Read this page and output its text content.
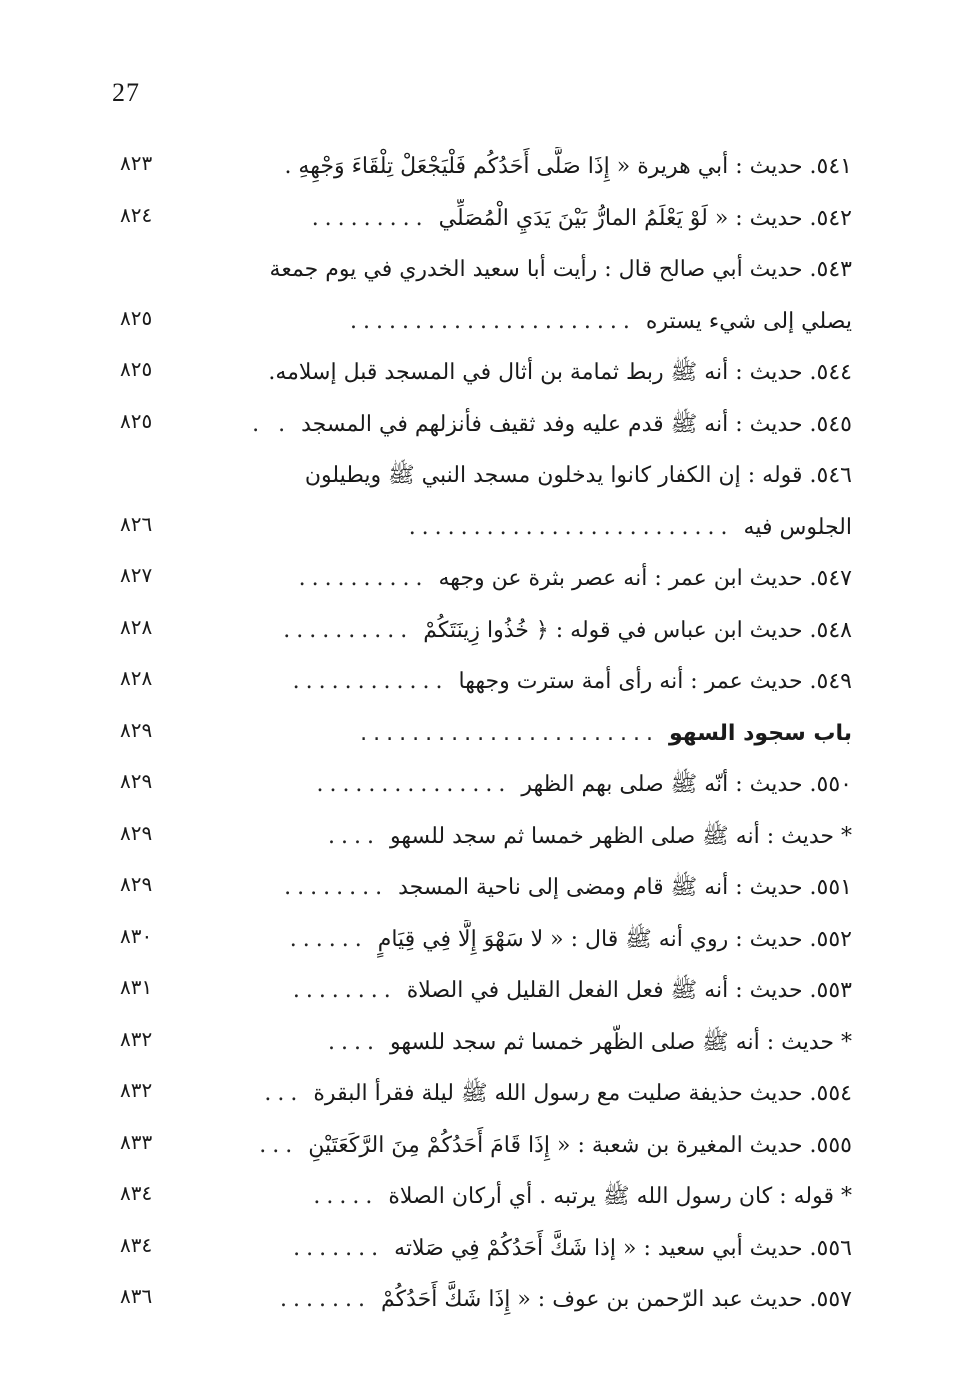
27
٨٢٣	٥٤١. حديث : أبي هريرة « إِذَا صَلَّى أَحَدُكُم فَلْيَجْعَلْ تِلْقَاءَ وَجْهِهِ .
٨٢٤	٥٤٢. حديث : « لَوْ يَعْلَمُ المارُّ بَيْنَ يَدَيِ الْمُصَلِّي.........
٥٤٣. حديث أبي صالح قال : رأيت أبا سعيد الخدري في يوم جمعة
٨٢٥	يصلي إلى شيء يستره......................
٨٢٥	٥٤٤. حديث : أنه ﷺ ربط ثمامة بن أثال في المسجد قبل إسلامه.
٨٢٥	٥٤٥. حديث : أنه ﷺ قدم عليه وفد ثقيف فأنزلهم في المسجد. .
٥٤٦. قوله : إن الكفار كانوا يدخلون مسجد النبي ﷺ ويطيلون
٨٢٦	الجلوس فيه.........................
٨٢٧	٥٤٧. حديث ابن عمر : أنه عصر بثرة عن وجهه..........
٨٢٨	٥٤٨. حديث ابن عباس في قوله : ﴿ خُذُوا زِينَتَكُمْ..........
٨٢٨	٥٤٩. حديث عمر : أنه رأى أمة سترت وجهها............
٨٢٩	باب سجود السهو.......................
٨٢٩	٥٥٠. حديث : أنّه ﷺ صلى بهم الظهر...............
٨٢٩	* حديث : أنه ﷺ صلى الظهر خمسا ثم سجد للسهو....
٨٢٩	٥٥١. حديث : أنه ﷺ قام ومضى إلى ناحية المسجد........
٨٣٠	٥٥٢. حديث : روي أنه ﷺ قال : « لا سَهْوَ إِلَّا فِي قِيَامٍ......
٨٣١	٥٥٣. حديث : أنه ﷺ فعل الفعل القليل في الصلاة........
٨٣٢	* حديث : أنه ﷺ صلى الظّهر خمسا ثم سجد للسهو....
٨٣٢	٥٥٤. حديث حذيفة صليت مع رسول الله ﷺ ليلة فقرأ البقرة...
٨٣٣	٥٥٥. حديث المغيرة بن شعبة : « إِذَا قَامَ أَحَدُكُمْ مِنَ الرَّكَعَتَيْنِ...
٨٣٤	* قوله : كان رسول الله ﷺ يرتبه . أي أركان الصلاة.....
٨٣٤	٥٥٦. حديث أبي سعيد : « إذا شَكَّ أَحَدُكُمْ فِي صَلاته.......
٨٣٦	٥٥٧. حديث عبد الرّحمن بن عوف : « إِذَا شَكَّ أَحَدُكُمْ.......
